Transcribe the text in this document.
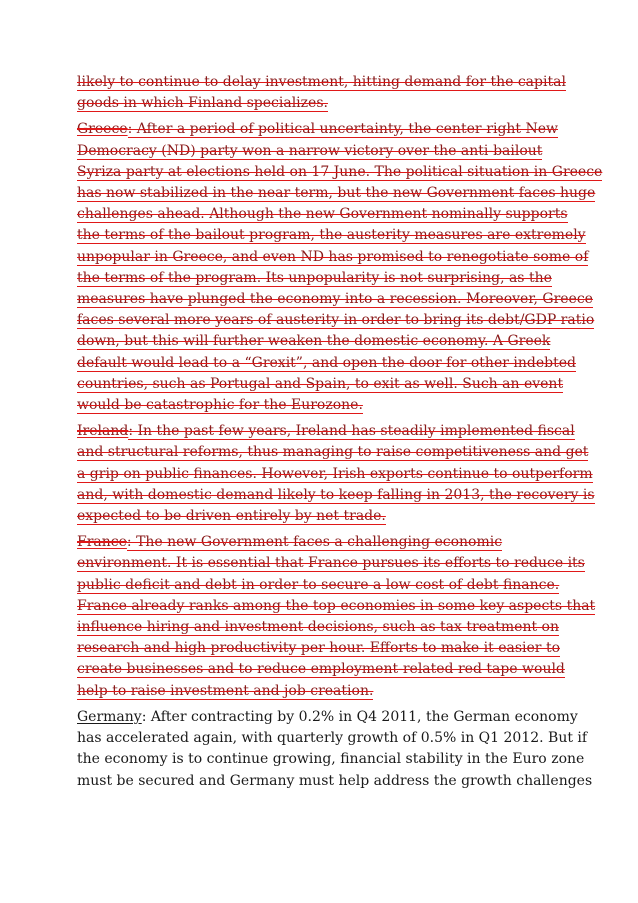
likely to continue to delay investment, hitting demand for the capital
goods in which Finland specializes.
Greece: After a period of political uncertainty, the center-right New
Democracy (ND) party won a narrow victory over the anti-bailout
Syriza party at elections held on 17 June. The political situation in Greece
has now stabilized in the near term, but the new Government faces huge
challenges ahead. Although the new Government nominally supports
the terms of the bailout program, the austerity measures are extremely
unpopular in Greece, and even ND has promised to renegotiate some of
the terms of the program. Its unpopularity is not surprising, as the
measures have plunged the economy into a recession. Moreover, Greece
faces several more years of austerity in order to bring its debt/GDP ratio
down, but this will further weaken the domestic economy. A Greek
default would lead to a “Grexit”, and open the door for other indebted
countries, such as Portugal and Spain, to exit as well. Such an event
would be catastrophic for the Eurozone.
Ireland: In the past few years, Ireland has steadily implemented fiscal
and structural reforms, thus managing to raise competitiveness and get
a grip on public finances. However, Irish exports continue to outperform
and, with domestic demand likely to keep falling in 2013, the recovery is
expected to be driven entirely by net trade.
France: The new Government faces a challenging economic
environment. It is essential that France pursues its efforts to reduce its
public deficit and debt in order to secure a low cost of debt finance.
France already ranks among the top economies in some key aspects that
influence hiring and investment decisions, such as tax treatment on
research and high productivity per hour. Efforts to make it easier to
create businesses and to reduce employment-related red tape would
help to raise investment and job creation.
Germany: After contracting by 0.2% in Q4 2011, the German economy
has accelerated again, with quarterly growth of 0.5% in Q1 2012. But if
the economy is to continue growing, financial stability in the Euro zone
must be secured and Germany must help address the growth challenges
